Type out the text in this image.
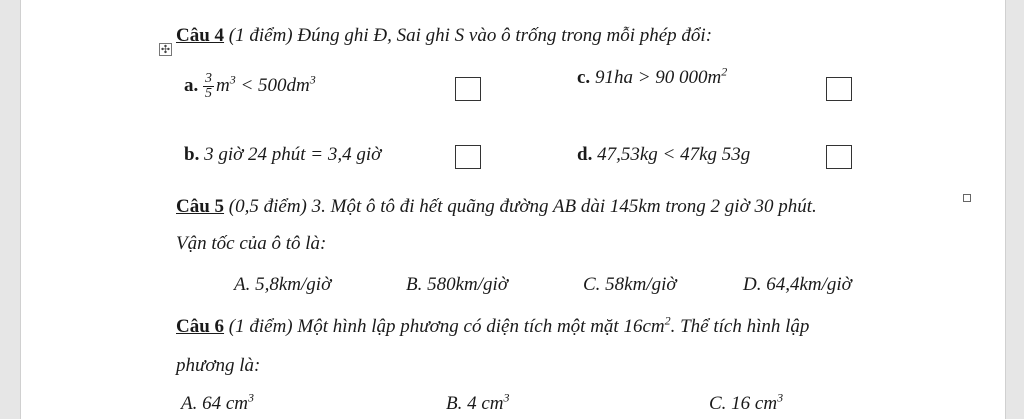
✣
Câu 4 (1 điểm) Đúng ghi Đ, Sai ghi S vào ô trống trong mỗi phép đổi:
a. $\frac{3}{5} m^3 < 500dm^3$	c. 91ha > 90 $000m^2$
b. 3 giờ 24 phút = 3,4 giờ	d. 47,53kg < 47kg 53g
Câu 5 (0,5 điểm) 3. Một ô tô đi hết quãng đường AB dài 145km trong 2 giờ 30 phút.
Vận tốc của ô tô là:
A. 5,8km/giờ	B. 580km/giờ	C. 58km/giờ	D. 64,4km/giờ
Câu 6 (1 điểm) Một hình lập phương có diện tích một mặt $16cm^2$. Thể tích hình lập
phương là:
A. 64 $cm^3$	B. 4 $cm^3$	C. 16 $cm^3$
